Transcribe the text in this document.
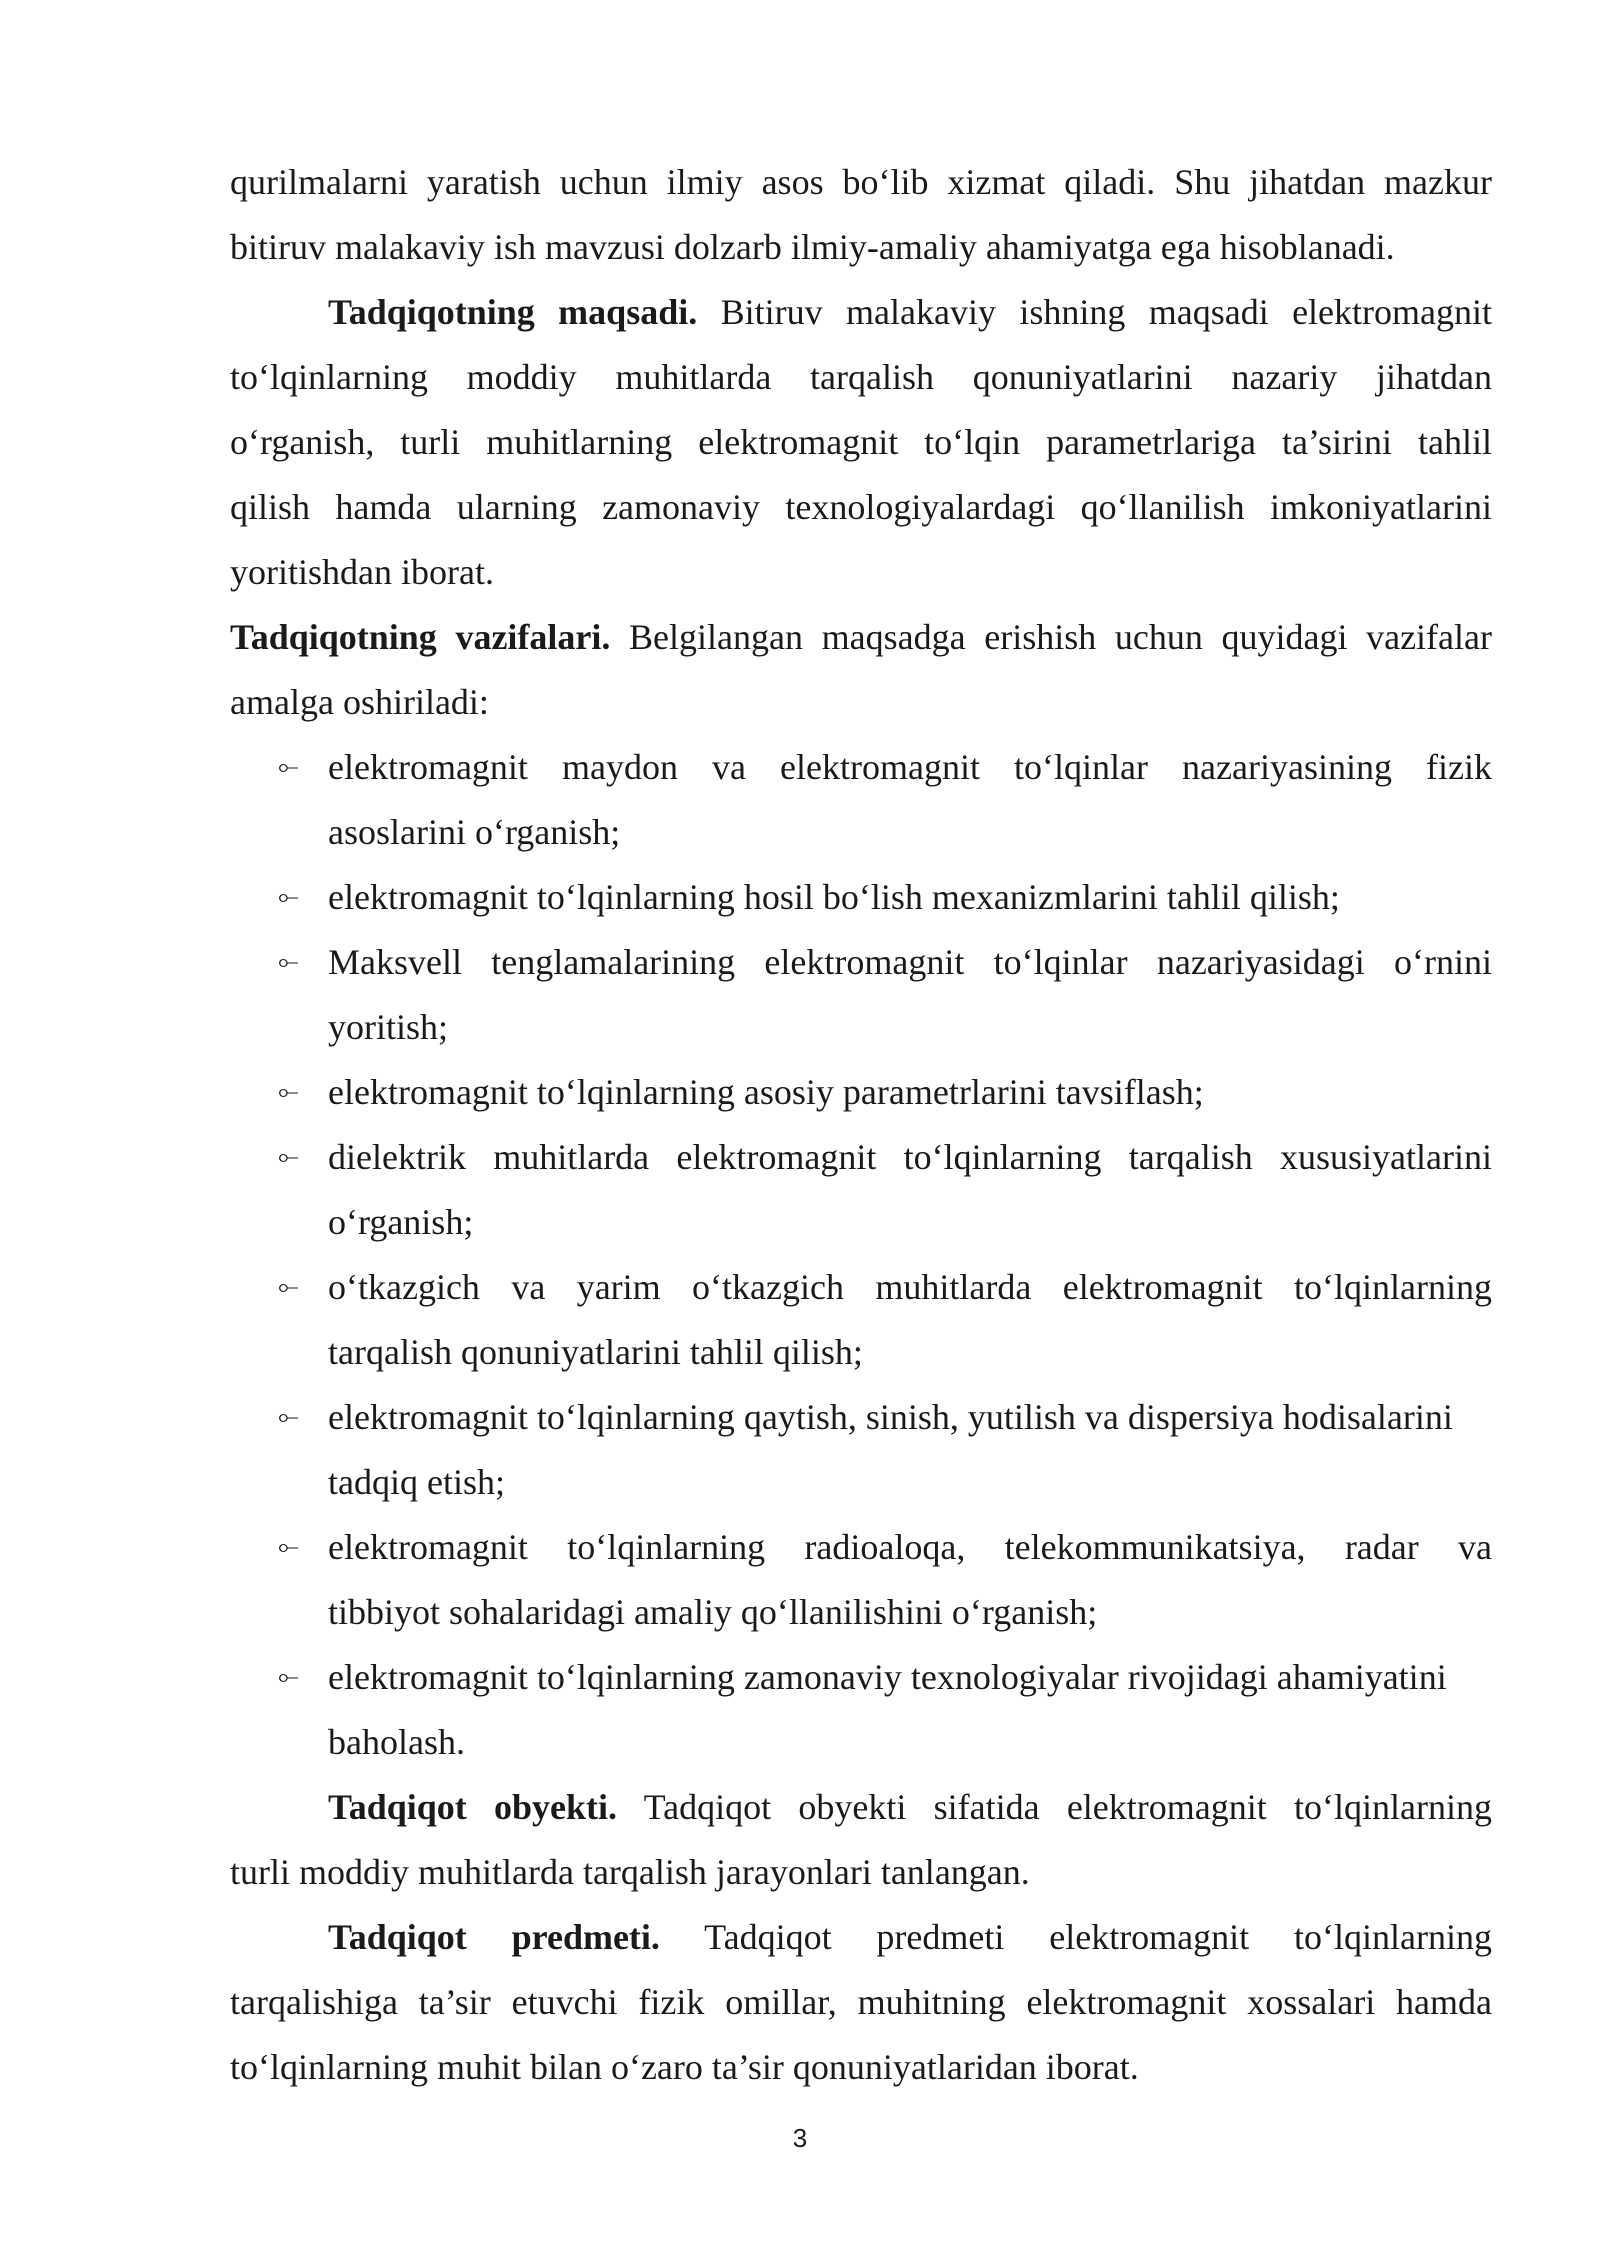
qurilmalarni yaratish uchun ilmiy asos bo‘lib xizmat qiladi. Shu jihatdan mazkur
bitiruv malakaviy ish mavzusi dolzarb ilmiy-amaliy ahamiyatga ega hisoblanadi.
Tadqiqotning maqsadi. Bitiruv malakaviy ishning maqsadi elektromagnit
to‘lqinlarning moddiy muhitlarda tarqalish qonuniyatlarini nazariy jihatdan
o‘rganish, turli muhitlarning elektromagnit to‘lqin parametrlariga ta’sirini tahlil
qilish hamda ularning zamonaviy texnologiyalardagi qo‘llanilish imkoniyatlarini
yoritishdan iborat.
Tadqiqotning vazifalari. Belgilangan maqsadga erishish uchun quyidagi vazifalar
amalga oshiriladi:
⟜ elektromagnit maydon va elektromagnit to‘lqinlar nazariyasining fizik
asoslarini o‘rganish;
⟜ elektromagnit to‘lqinlarning hosil bo‘lish mexanizmlarini tahlil qilish;
⟜ Maksvell tenglamalarining elektromagnit to‘lqinlar nazariyasidagi o‘rnini
yoritish;
⟜ elektromagnit to‘lqinlarning asosiy parametrlarini tavsiflash;
⟜ dielektrik muhitlarda elektromagnit to‘lqinlarning tarqalish xususiyatlarini
o‘rganish;
⟜ o‘tkazgich va yarim o‘tkazgich muhitlarda elektromagnit to‘lqinlarning
tarqalish qonuniyatlarini tahlil qilish;
⟜ elektromagnit to‘lqinlarning qaytish, sinish, yutilish va dispersiya hodisalarini
tadqiq etish;
⟜ elektromagnit to‘lqinlarning radioaloqa, telekommunikatsiya, radar va
tibbiyot sohalaridagi amaliy qo‘llanilishini o‘rganish;
⟜ elektromagnit to‘lqinlarning zamonaviy texnologiyalar rivojidagi ahamiyatini
baholash.
Tadqiqot obyekti. Tadqiqot obyekti sifatida elektromagnit to‘lqinlarning
turli moddiy muhitlarda tarqalish jarayonlari tanlangan.
Tadqiqot predmeti. Tadqiqot predmeti elektromagnit to‘lqinlarning
tarqalishiga ta’sir etuvchi fizik omillar, muhitning elektromagnit xossalari hamda
to‘lqinlarning muhit bilan o‘zaro ta’sir qonuniyatlaridan iborat.
3
